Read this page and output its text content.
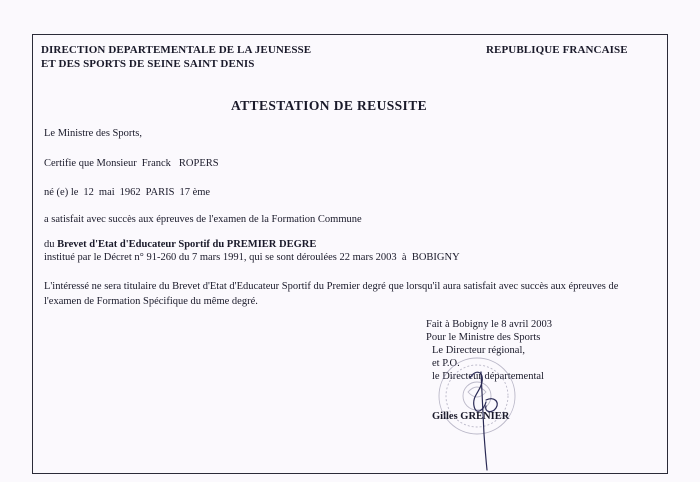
DIRECTION DEPARTEMENTALE DE LA JEUNESSE
ET DES SPORTS DE SEINE SAINT DENIS
REPUBLIQUE FRANCAISE
ATTESTATION DE REUSSITE
Le Ministre des Sports,
Certifie que Monsieur Franck ROPERS
né (e) le 12 mai 1962 PARIS 17 ème
a satisfait avec succès aux épreuves de l'examen de la Formation Commune
du Brevet d'Etat d'Educateur Sportif du PREMIER DEGRE
institué par le Décret n° 91-260 du 7 mars 1991, qui se sont déroulées 22 mars 2003 à BOBIGNY
L'intéressé ne sera titulaire du Brevet d'Etat d'Educateur Sportif du Premier degré que lorsqu'il aura satisfait avec succès aux épreuves de l'examen de Formation Spécifique du même degré.
Fait à Bobigny le 8 avril 2003
Pour le Ministre des Sports
Le Directeur régional,
et P.O.
le Directeur départemental
Gilles GRENIER
